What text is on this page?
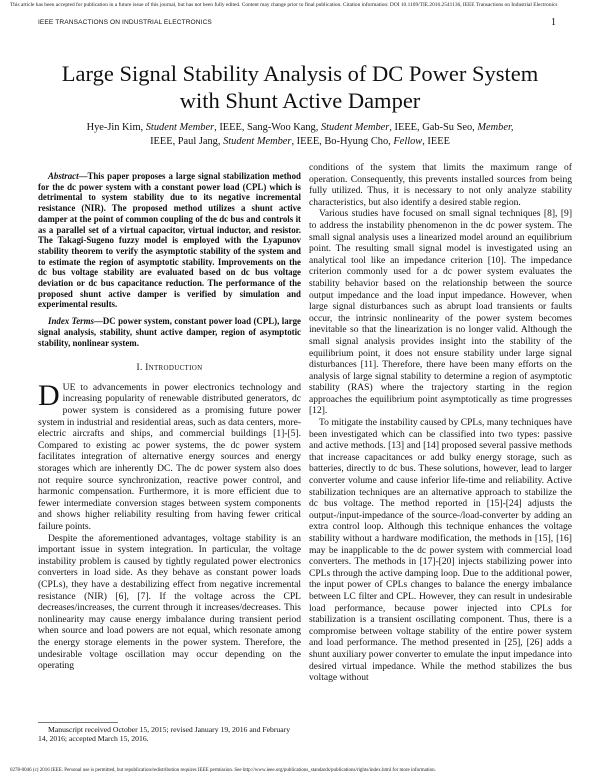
This article has been accepted for publication in a future issue of this journal, but has not been fully edited. Content may change prior to final publication. Citation information: DOI 10.1109/TIE.2016.2541136, IEEE Transactions on Industrial Electronics
IEEE TRANSACTIONS ON INDUSTRIAL ELECTRONICS	1
Large Signal Stability Analysis of DC Power System with Shunt Active Damper
Hye-Jin Kim, Student Member, IEEE, Sang-Woo Kang, Student Member, IEEE, Gab-Su Seo, Member,
IEEE, Paul Jang, Student Member, IEEE, Bo-Hyung Cho, Fellow, IEEE

Abstract—This paper proposes a large signal stabilization method for the dc power system with a constant power load (CPL) which is detrimental to system stability due to its negative incremental resistance (NIR). The proposed method utilizes a shunt active damper at the point of common coupling of the dc bus and controls it as a parallel set of a virtual capacitor, virtual inductor, and resistor. The Takagi-Sugeno fuzzy model is employed with the Lyapunov stability theorem to verify the asymptotic stability of the system and to estimate the region of asymptotic stability. Improvements on the dc bus voltage stability are evaluated based on dc bus voltage deviation or dc bus capacitance reduction. The performance of the proposed shunt active damper is verified by simulation and experimental results.

Index Terms—DC power system, constant power load (CPL), large signal analysis, stability, shunt active damper, region of asymptotic stability, nonlinear system.

I. Introduction

DUE to advancements in power electronics technology and increasing popularity of renewable distributed generators, dc power system is considered as a promising future power system in industrial and residential areas, such as data centers, more-electric aircrafts and ships, and commercial buildings [1]-[5]. Compared to existing ac power systems, the dc power system facilitates integration of alternative energy sources and energy storages which are inherently DC. The dc power system also does not require source synchronization, reactive power control, and harmonic compensation. Furthermore, it is more efficient due to fewer intermediate conversion stages between system components and shows higher reliability resulting from having fewer critical failure points.

Despite the aforementioned advantages, voltage stability is an important issue in system integration. In particular, the voltage instability problem is caused by tightly regulated power electronics converters in load side. As they behave as constant power loads (CPLs), they have a destabilizing effect from negative incremental resistance (NIR) [6], [7]. If the voltage across the CPL decreases/increases, the current through it increases/decreases. This nonlinearity may cause energy imbalance during transient period when source and load powers are not equal, which resonate among the energy storage elements in the power system. Therefore, the undesirable voltage oscillation may occur depending on the operating

Manuscript received October 15, 2015; revised January 19, 2016 and February 14, 2016; accepted March 15, 2016.

conditions of the system that limits the maximum range of operation. Consequently, this prevents installed sources from being fully utilized. Thus, it is necessary to not only analyze stability characteristics, but also identify a desired stable region.

Various studies have focused on small signal techniques [8], [9] to address the instability phenomenon in the dc power system. The small signal analysis uses a linearized model around an equilibrium point. The resulting small signal model is investigated using an analytical tool like an impedance criterion [10]. The impedance criterion commonly used for a dc power system evaluates the stability behavior based on the relationship between the source output impedance and the load input impedance. However, when large signal disturbances such as abrupt load transients or faults occur, the intrinsic nonlinearity of the power system becomes inevitable so that the linearization is no longer valid. Although the small signal analysis provides insight into the stability of the equilibrium point, it does not ensure stability under large signal disturbances [11]. Therefore, there have been many efforts on the analysis of large signal stability to determine a region of asymptotic stability (RAS) where the trajectory starting in the region approaches the equilibrium point asymptotically as time progresses [12].

To mitigate the instability caused by CPLs, many techniques have been investigated which can be classified into two types: passive and active methods. [13] and [14] proposed several passive methods that increase capacitances or add bulky energy storage, such as batteries, directly to dc bus. These solutions, however, lead to larger converter volume and cause inferior life-time and reliability. Active stabilization techniques are an alternative approach to stabilize the dc bus voltage. The method reported in [15]-[24] adjusts the output-/input-impedance of the source-/load-converter by adding an extra control loop. Although this technique enhances the voltage stability without a hardware modification, the methods in [15], [16] may be inapplicable to the dc power system with commercial load converters. The methods in [17]-[20] injects stabilizing power into CPLs through the active damping loop. Due to the additional power, the input power of CPLs changes to balance the energy imbalance between LC filter and CPL. However, they can result in undesirable load performance, because power injected into CPLs for stabilization is a transient oscillating component. Thus, there is a compromise between voltage stability of the entire power system and load performance. The method presented in [25], [26] adds a shunt auxiliary power converter to emulate the input impedance into desired virtual impedance. While the method stabilizes the bus voltage without

0278-0046 (c) 2016 IEEE. Personal use is permitted, but republication/redistribution requires IEEE permission. See http://www.ieee.org/publications_standards/publications/rights/index.html for more information.
